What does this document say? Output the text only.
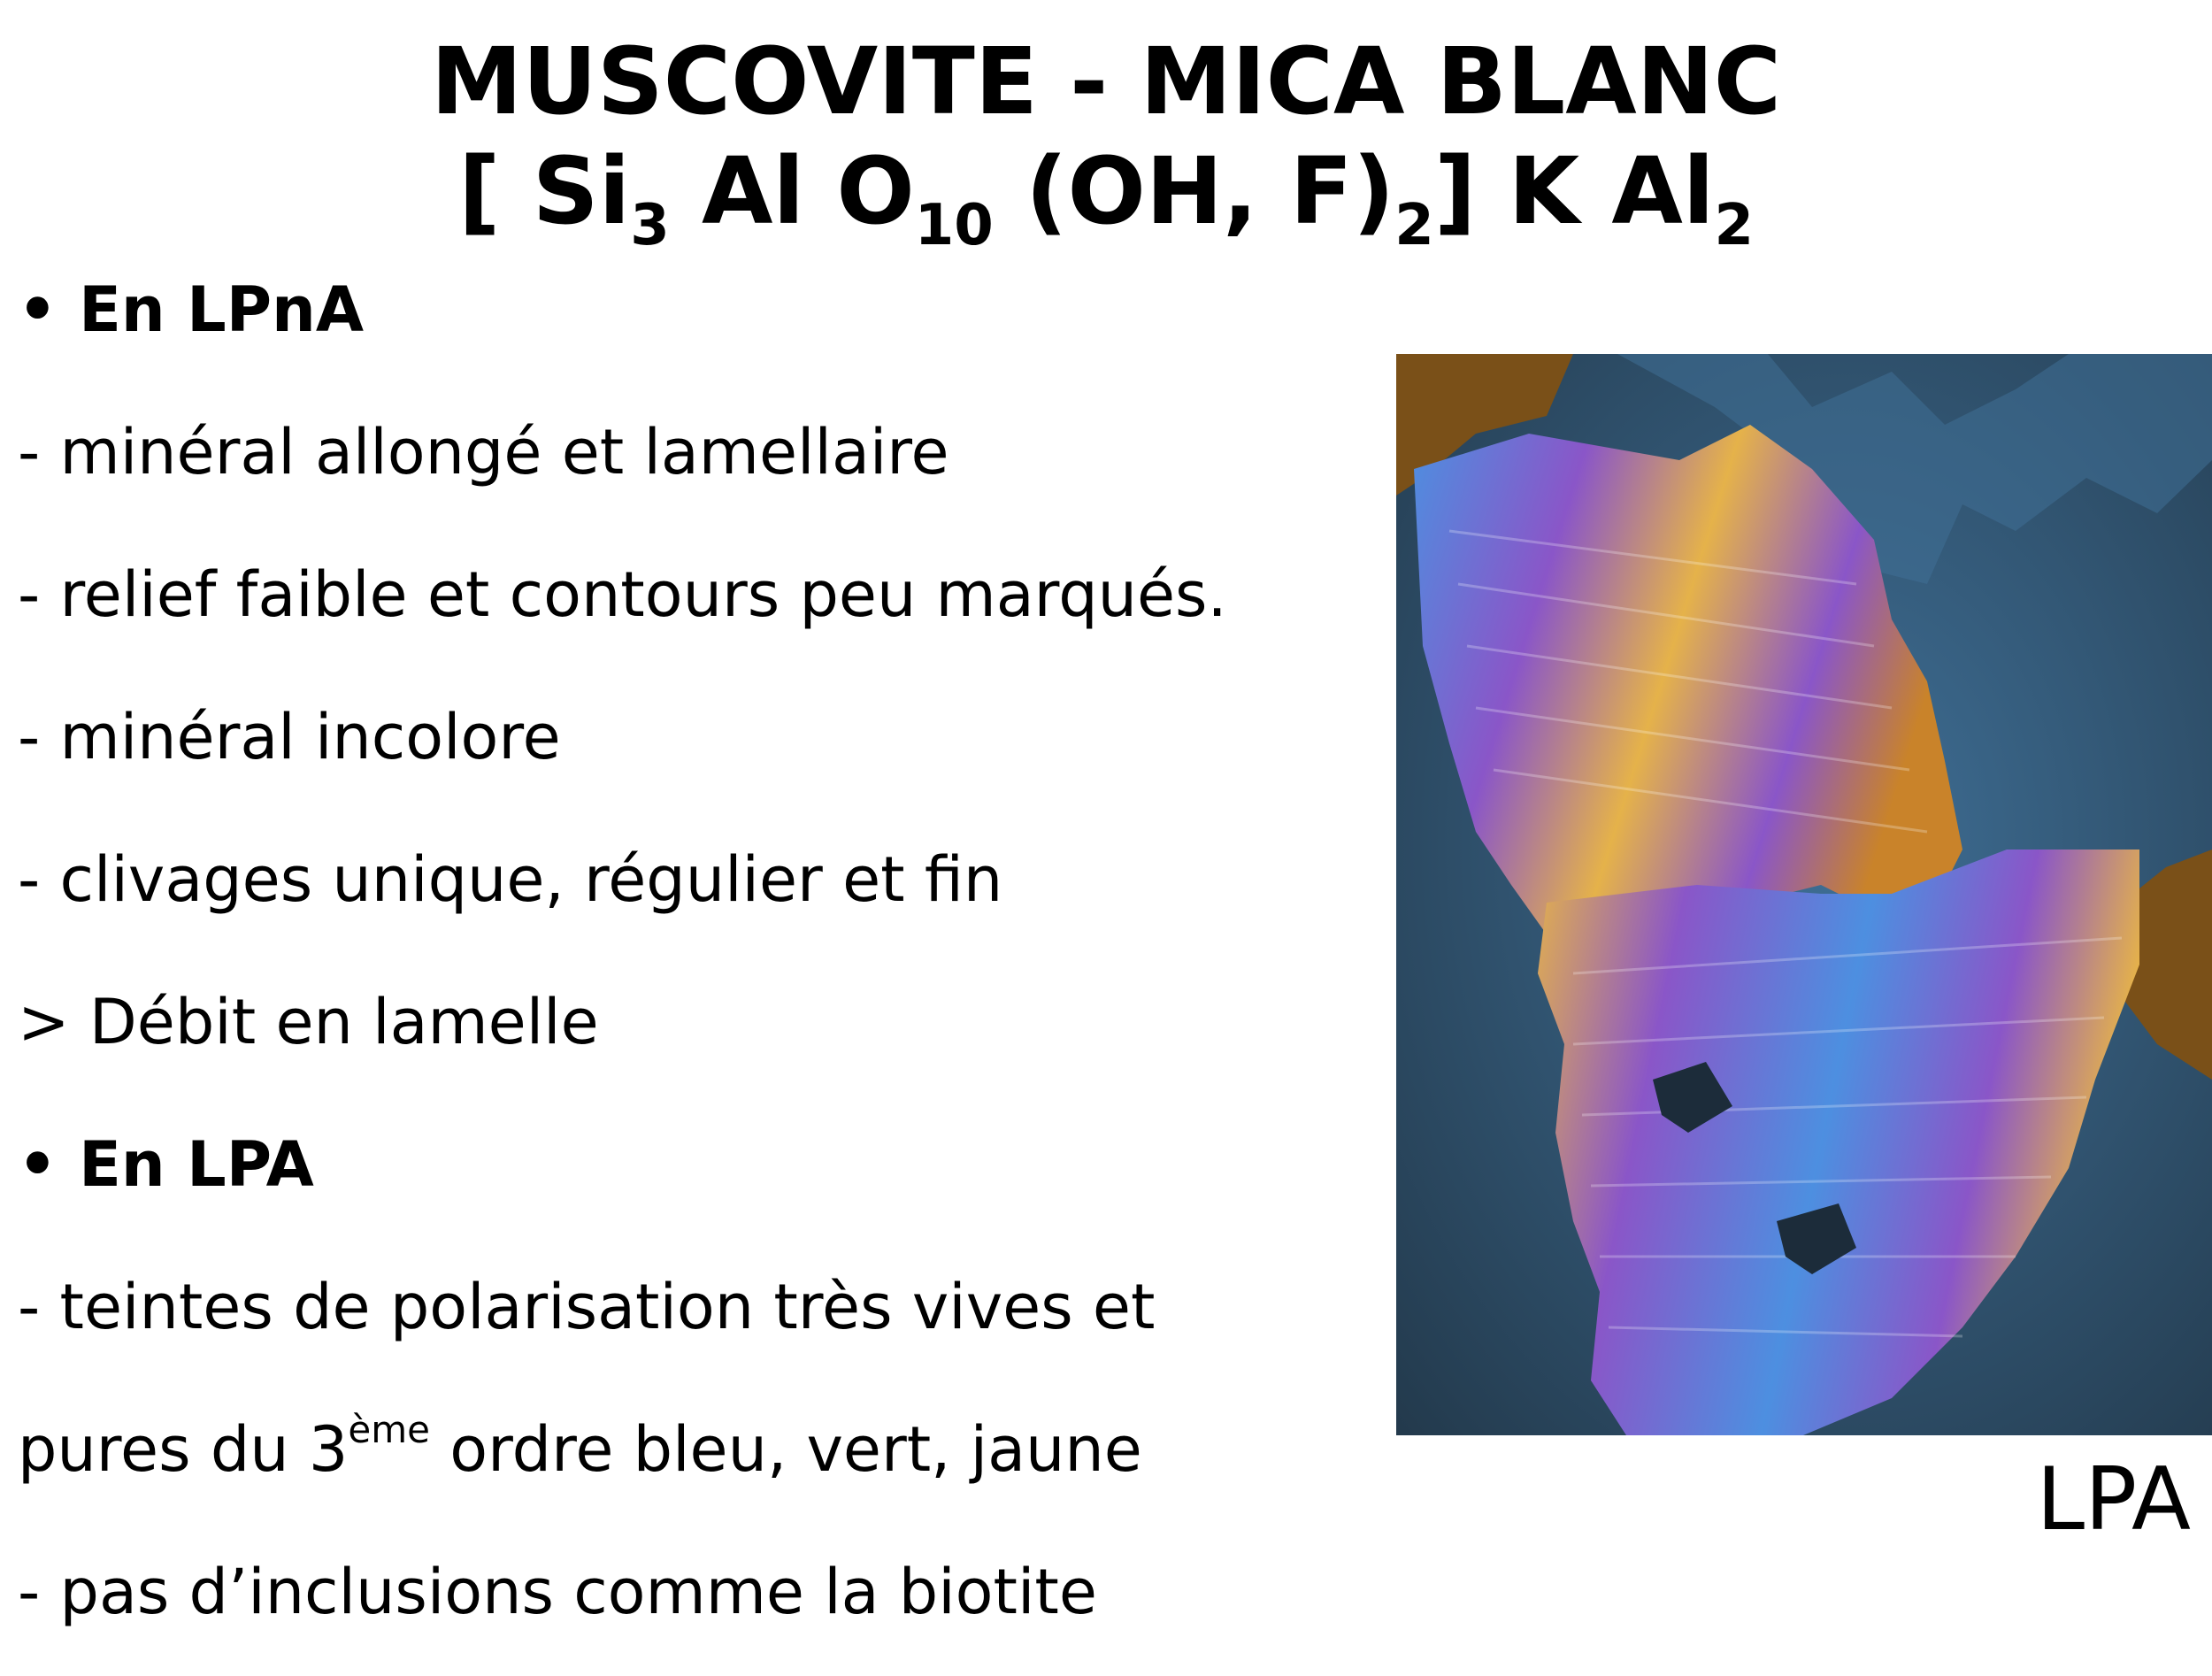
MUSCOVITE - MICA BLANC
[ $Si_3$ Al $O_{10}$ (OH, $F)_2$] K $Al_2$
• En LPnA
- minéral allongé et lamellaire
- relief faible et contours peu marqués.
- minéral incolore
- clivages unique, régulier et fin
> Débit en lamelle
• En LPA
- teintes de polarisation très vives et
pures du 3ème ordre bleu, vert, jaune
- pas d’inclusions comme la biotite
LPA
